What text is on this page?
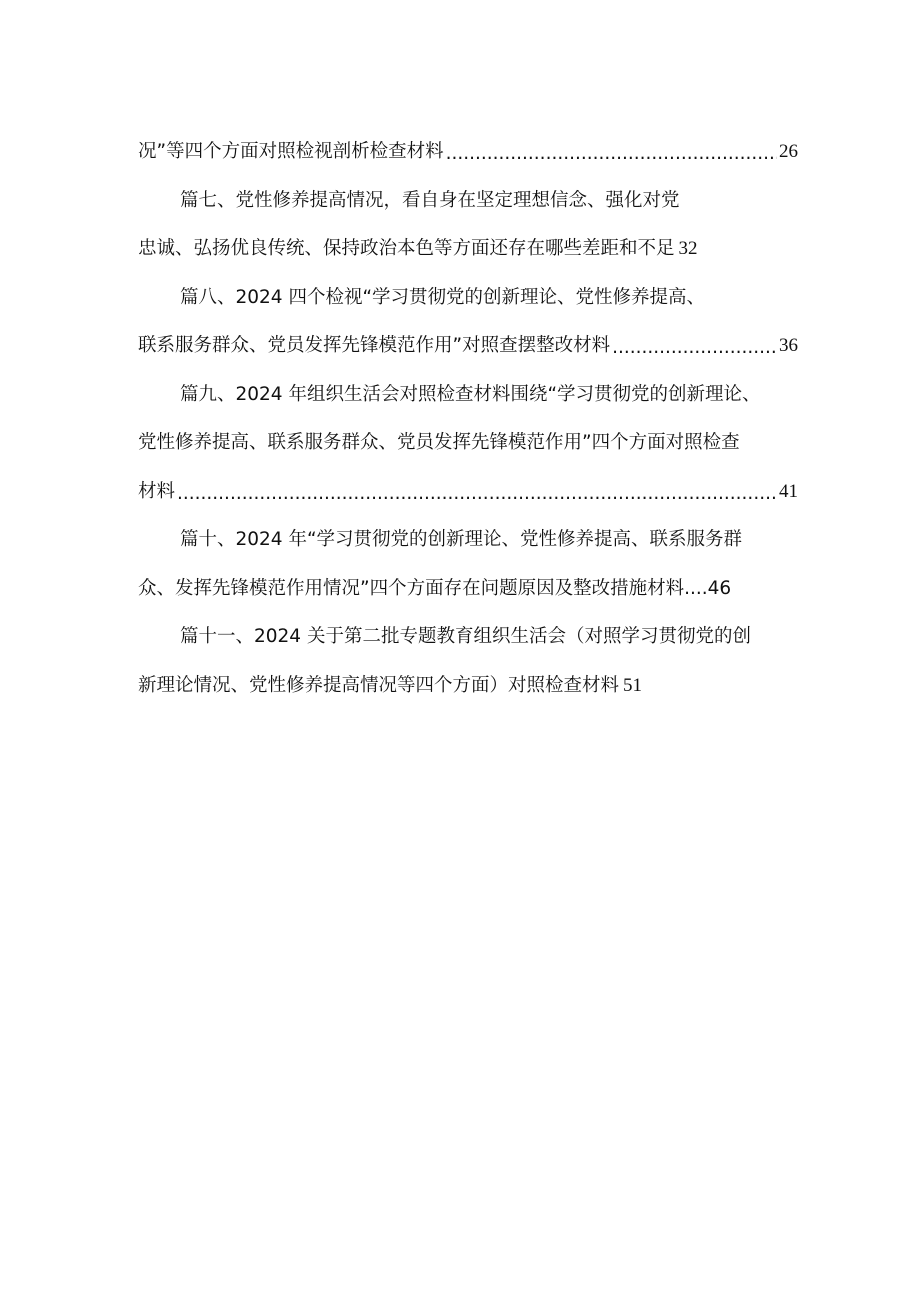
况”等四个方面对照检视剖析检查材料 .....	26
篇七、党性修养提高情况，看自身在坚定理想信念、强化对党
忠诚、弘扬优良传统、保持政治本色等方面还存在哪些差距和不足 32
篇八、2024 四个检视“学习贯彻党的创新理论、党性修养提高、
联系服务群众、党员发挥先锋模范作用”对照查摆整改材料 .....	36
篇九、2024 年组织生活会对照检查材料围绕“学习贯彻党的创新理论、
党性修养提高、联系服务群众、党员发挥先锋模范作用”四个方面对照检查
材料 .....	41
篇十、2024 年“学习贯彻党的创新理论、党性修养提高、联系服务群
众、发挥先锋模范作用情况”四个方面存在问题原因及整改措施材料....46
篇十一、2024 关于第二批专题教育组织生活会（对照学习贯彻党的创
新理论情况、党性修养提高情况等四个方面）对照检查材料 51
